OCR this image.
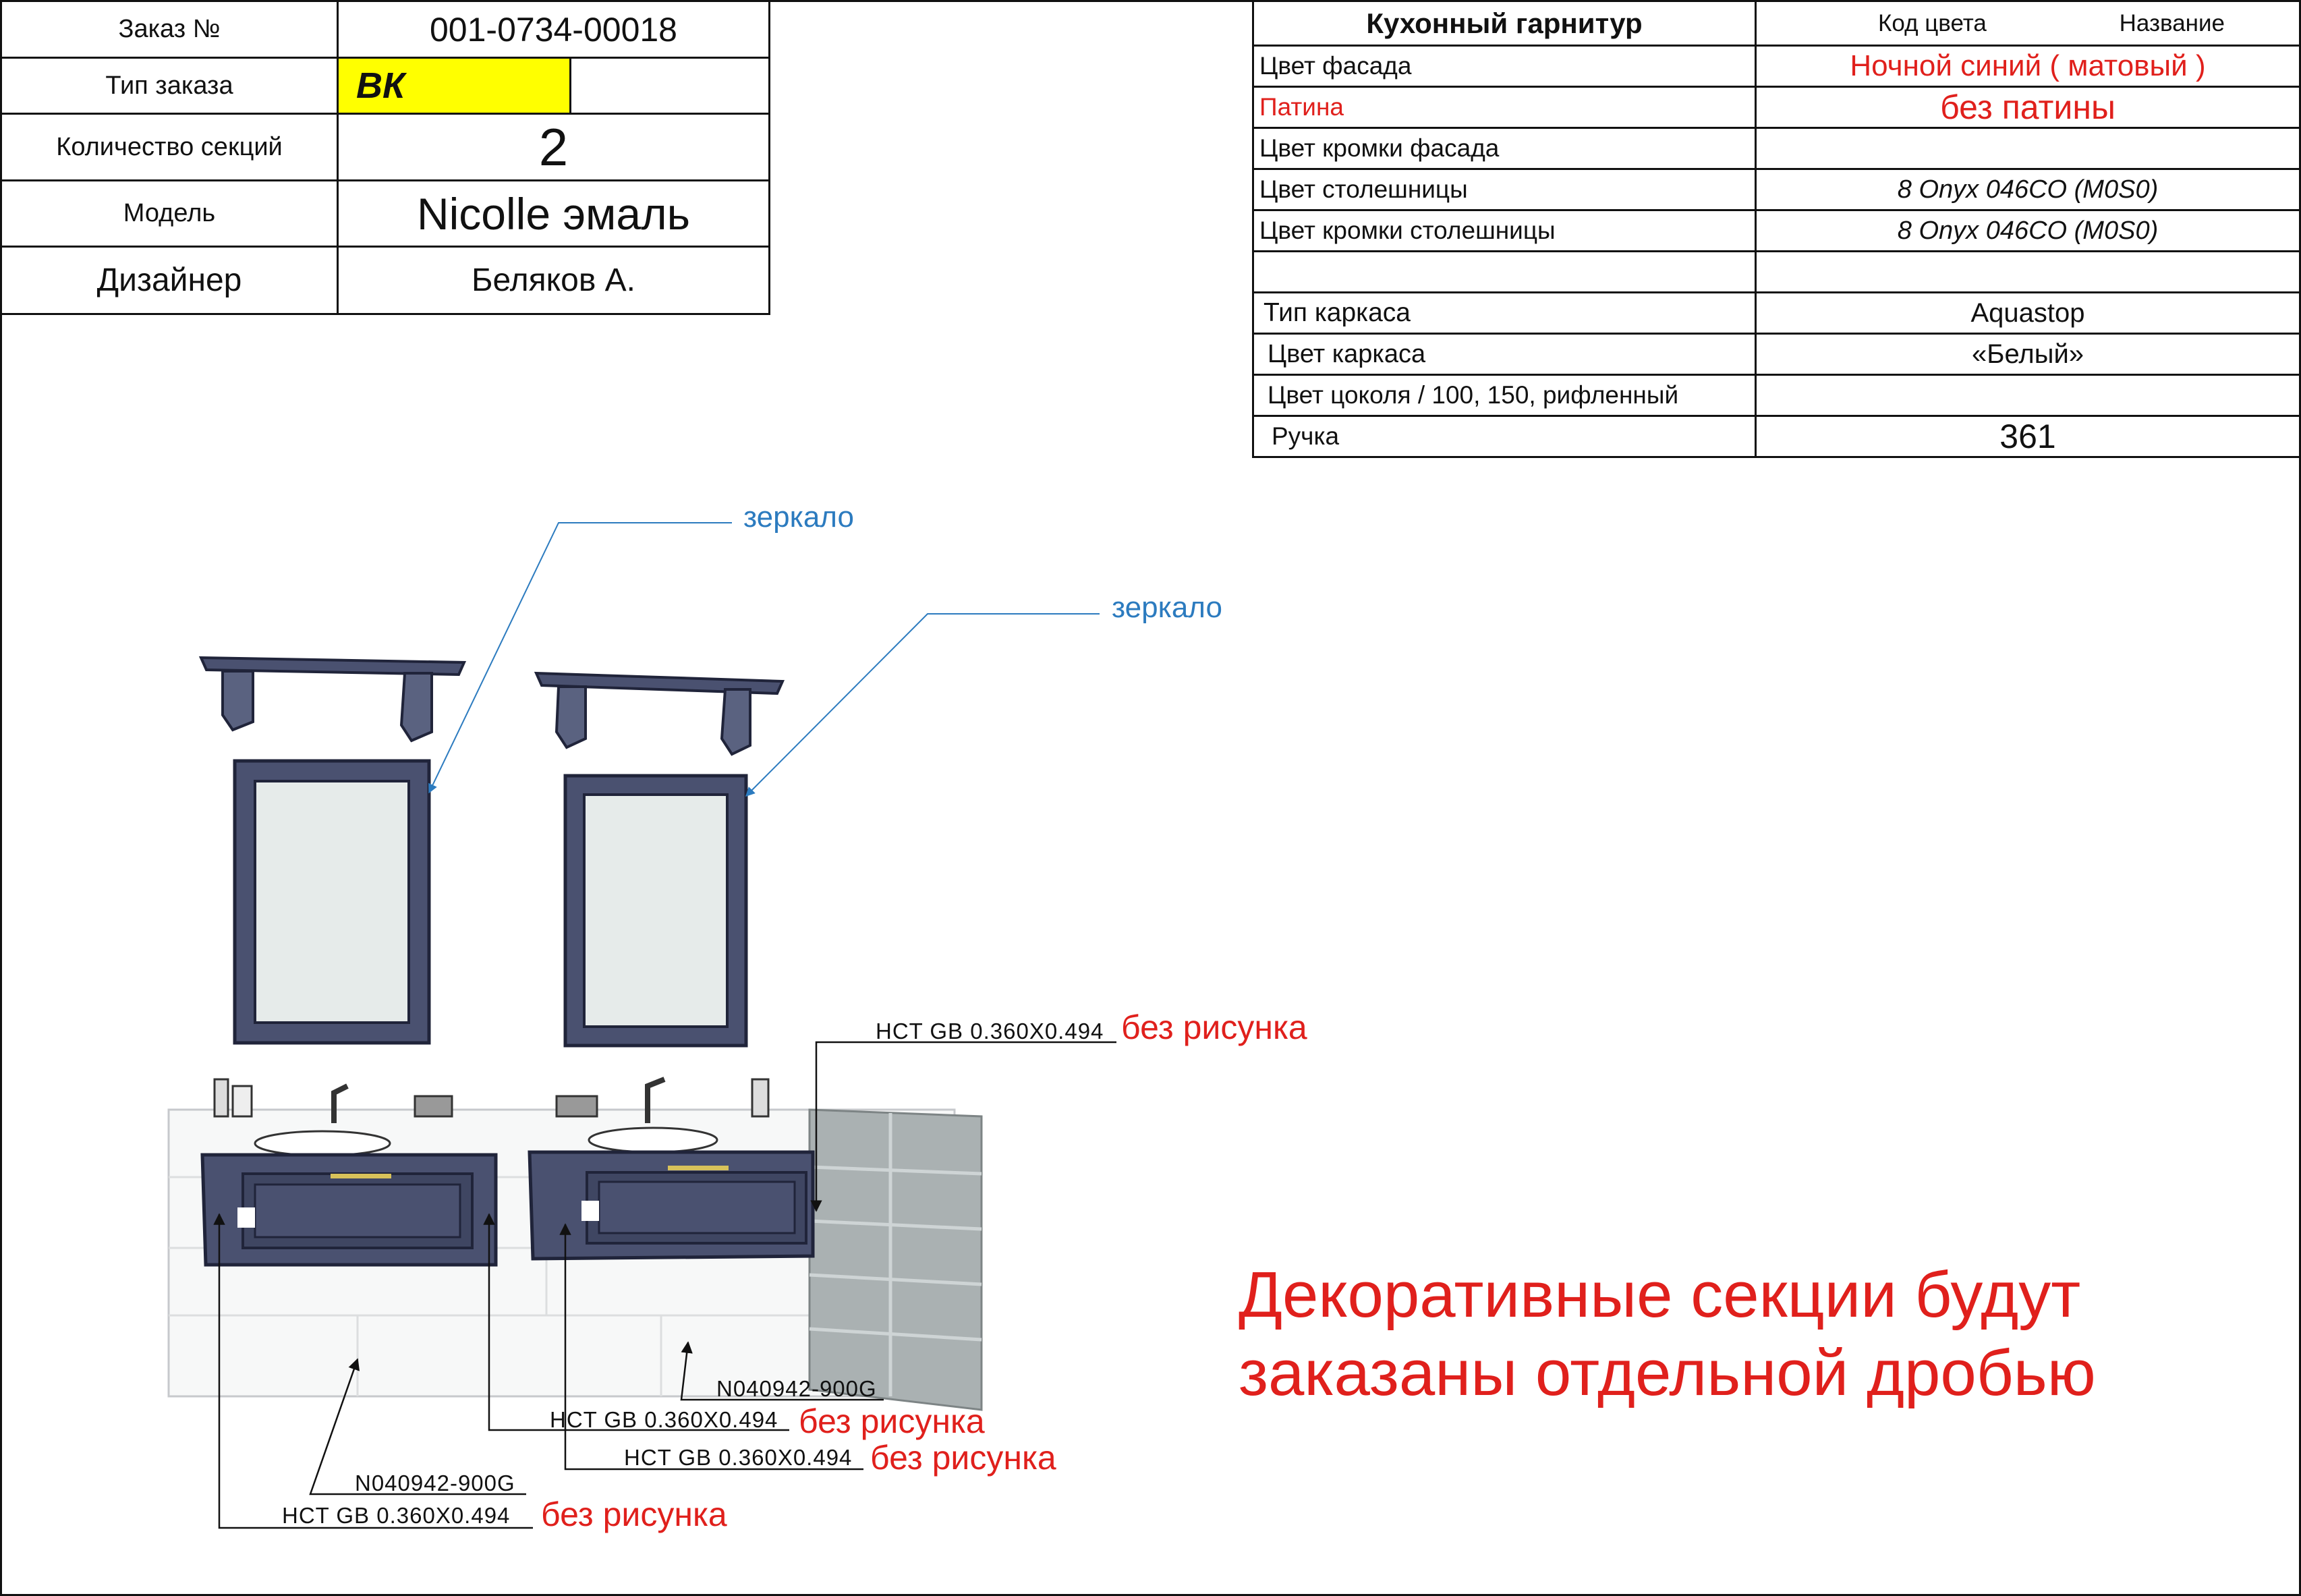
Заказ №	001-0734-00018	
Тип заказа	ВК	
Количество секций	2	
Модель	Nicolle эмаль	
Дизайнер	Беляков А.	
Кухонный гарнитур	Код цвета Название

Цвет фасада	Ночной синий ( матовый )
Патина	без патины
Цвет кромки фасада	
Цвет столешницы	8 Onyx 046CO (M0S0)
Цвет кромки столешницы	8 Onyx 046CO (M0S0)

Тип каркаса	Aquastop
Цвет каркаса	«Белый»
Цвет цоколя / 100, 150, рифленный	
Ручка	361
зеркало
зеркало
HCT GB 0.360X0.494 без рисунка
N040942-900G
HCT GB 0.360X0.494 без рисунка
HCT GB 0.360X0.494 без рисунка
N040942-900G
HCT GB 0.360X0.494 без рисунка
Декоративные секции будут
заказаны отдельной дробью
